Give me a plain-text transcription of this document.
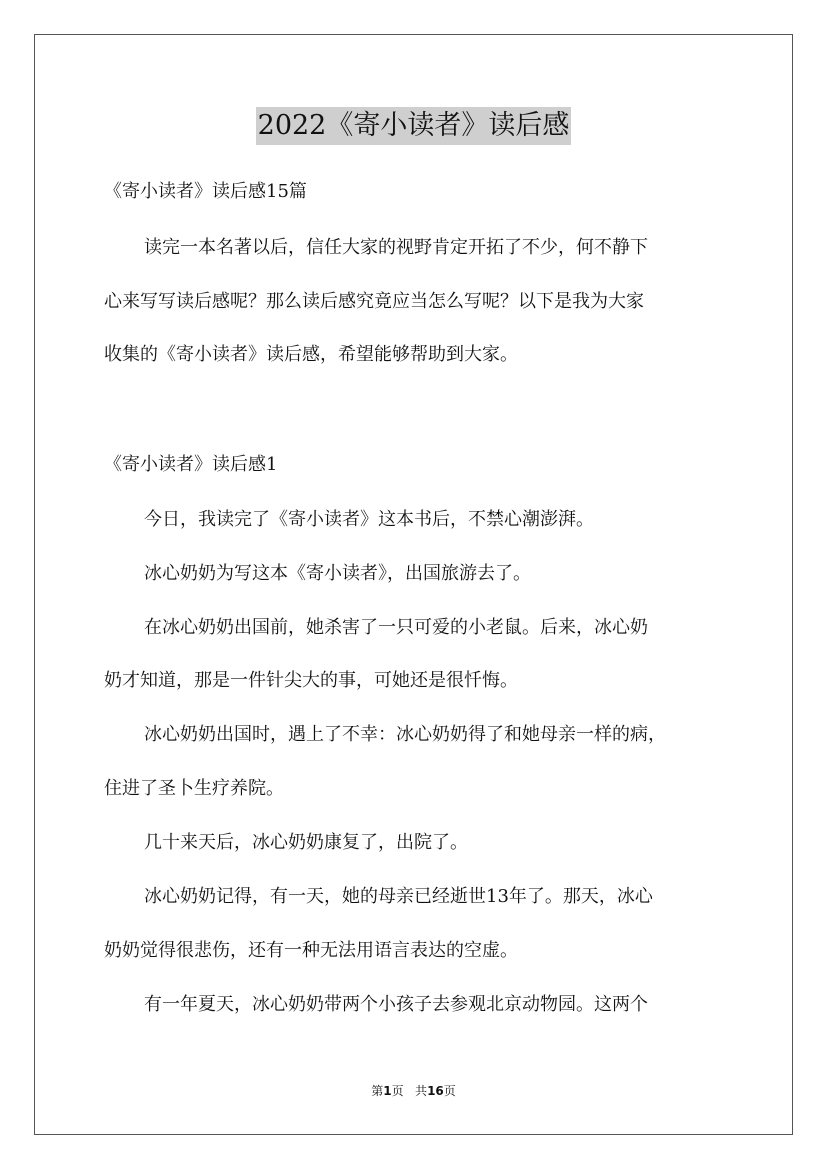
2022《寄小读者》读后感

《寄小读者》读后感15篇

读完一本名著以后，信任大家的视野肯定开拓了不少，何不静下

心来写写读后感呢？那么读后感究竟应当怎么写呢？以下是我为大家

收集的《寄小读者》读后感，希望能够帮助到大家。

《寄小读者》读后感1

今日，我读完了《寄小读者》这本书后，不禁心潮澎湃。

冰心奶奶为写这本《寄小读者》，出国旅游去了。

在冰心奶奶出国前，她杀害了一只可爱的小老鼠。后来，冰心奶

奶才知道，那是一件针尖大的事，可她还是很忏悔。

冰心奶奶出国时，遇上了不幸：冰心奶奶得了和她母亲一样的病，

住进了圣卜生疗养院。

几十来天后，冰心奶奶康复了，出院了。

冰心奶奶记得，有一天，她的母亲已经逝世13年了。那天，冰心

奶奶觉得很悲伤，还有一种无法用语言表达的空虚。

有一年夏天，冰心奶奶带两个小孩子去参观北京动物园。这两个

第1页 共16页
